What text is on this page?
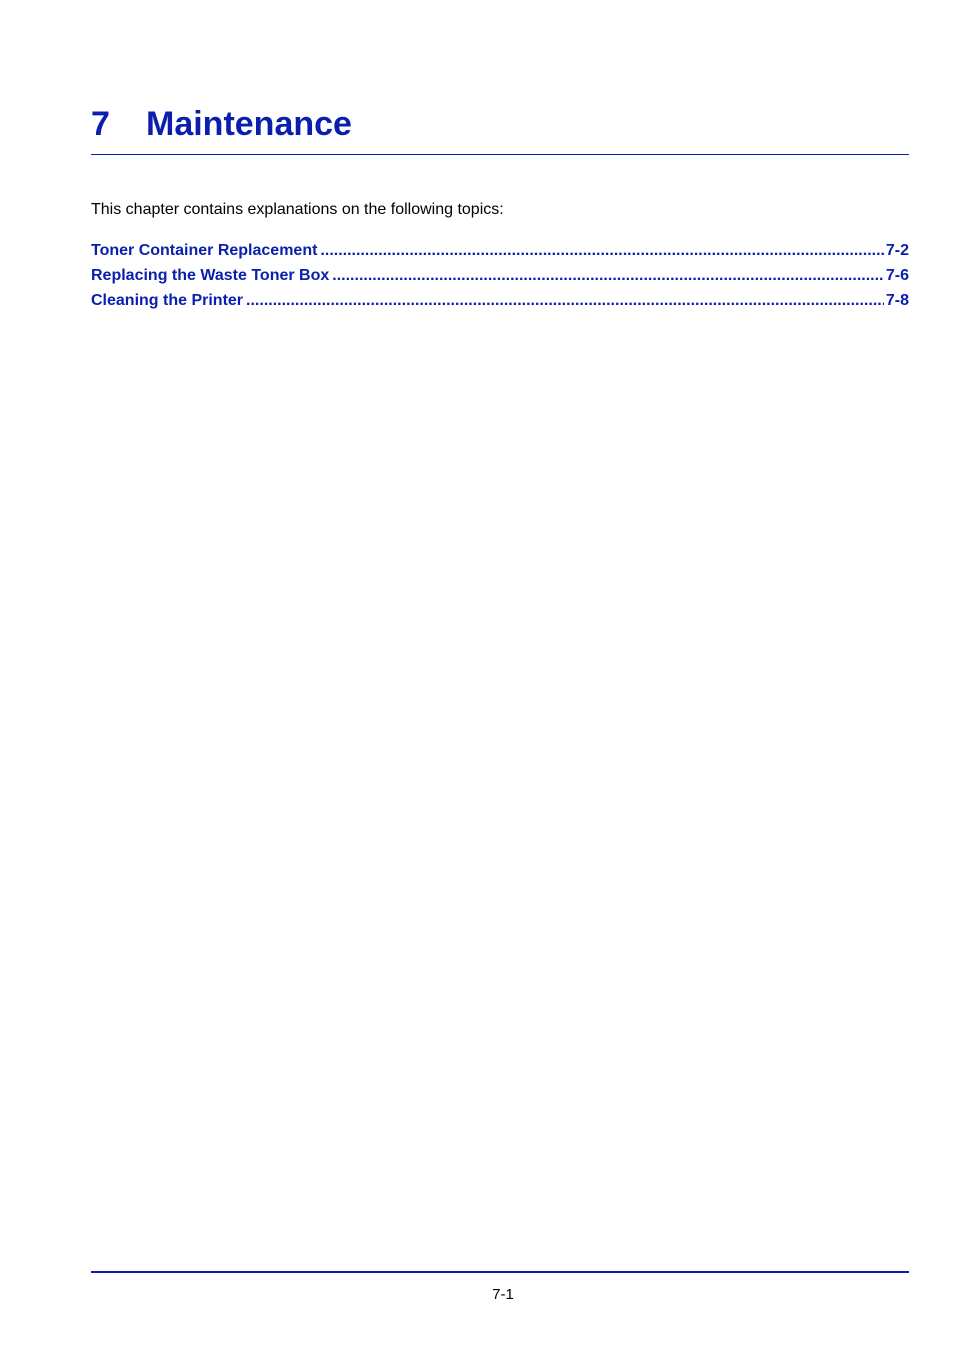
7 Maintenance

This chapter contains explanations on the following topics:

Toner Container Replacement .....	7-2
Replacing the Waste Toner Box .....	7-6
Cleaning the Printer .....	7-8
7-1
